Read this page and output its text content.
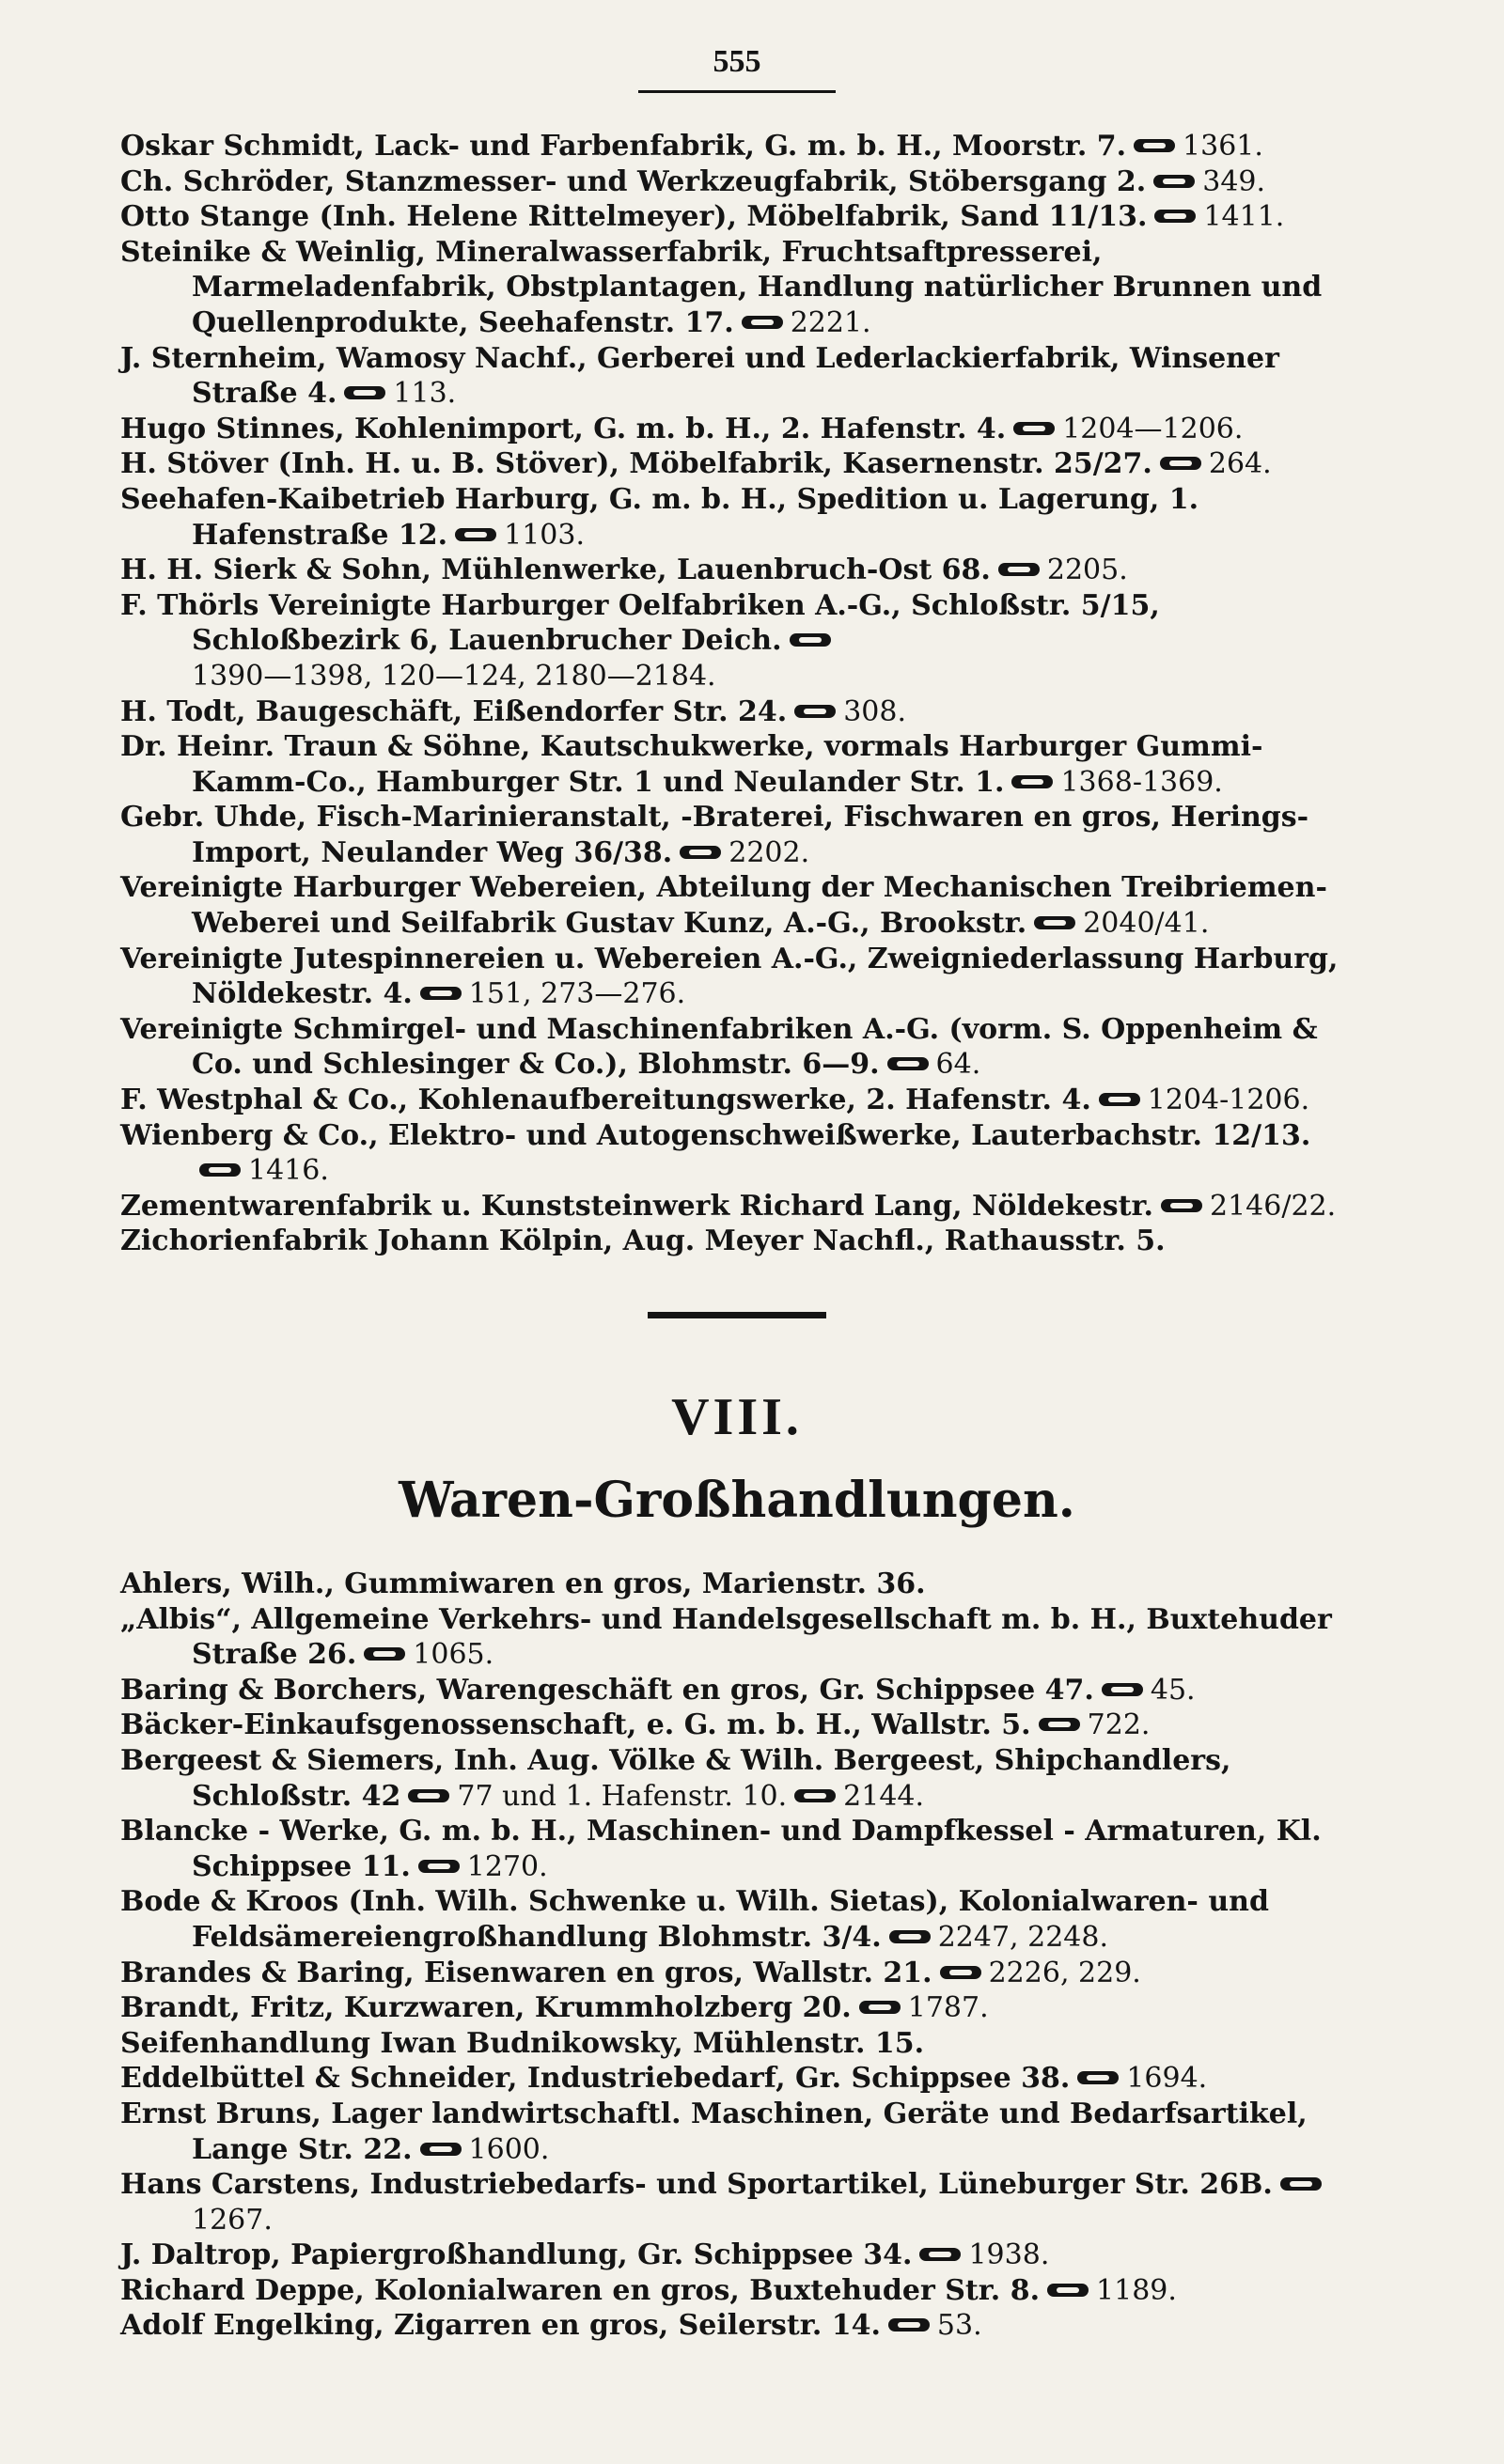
555
Oskar Schmidt, Lack- und Farbenfabrik, G. m. b. H., Moorstr. 7. 1361.
Ch. Schröder, Stanzmesser- und Werkzeugfabrik, Stöbersgang 2. 349.
Otto Stange (Inh. Helene Rittelmeyer), Möbelfabrik, Sand 11/13. 1411.
Steinike & Weinlig, Mineralwasserfabrik, Fruchtsaftpresserei, Marmeladenfabrik, Obstplantagen, Handlung natürlicher Brunnen und Quellenprodukte, Seehafenstr. 17. 2221.
J. Sternheim, Wamosy Nachf., Gerberei und Lederlackierfabrik, Winsener Straße 4. 113.
Hugo Stinnes, Kohlenimport, G. m. b. H., 2. Hafenstr. 4. 1204—1206.
H. Stöver (Inh. H. u. B. Stöver), Möbelfabrik, Kasernenstr. 25/27. 264.
Seehafen-Kaibetrieb Harburg, G. m. b. H., Spedition u. Lagerung, 1. Hafenstraße 12. 1103.
H. H. Sierk & Sohn, Mühlenwerke, Lauenbruch-Ost 68. 2205.
F. Thörls Vereinigte Harburger Oelfabriken A.-G., Schloßstr. 5/15, Schloßbezirk 6, Lauenbrucher Deich.1390—1398, 120—124, 2180—2184.
H. Todt, Baugeschäft, Eißendorfer Str. 24. 308.
Dr. Heinr. Traun & Söhne, Kautschukwerke, vormals Harburger Gummi-Kamm-Co., Hamburger Str. 1 und Neulander Str. 1. 1368-1369.
Gebr. Uhde, Fisch-Marinieranstalt, -Braterei, Fischwaren en gros, Herings-Import, Neulander Weg 36/38. 2202.
Vereinigte Harburger Webereien, Abteilung der Mechanischen Treibriemen-Weberei und Seilfabrik Gustav Kunz, A.-G., Brookstr. 2040/41.
Vereinigte Jutespinnereien u. Webereien A.-G., Zweigniederlassung Harburg, Nöldekestr. 4. 151, 273—276.
Vereinigte Schmirgel- und Maschinenfabriken A.-G. (vorm. S. Oppenheim & Co. und Schlesinger & Co.), Blohmstr. 6—9. 64.
F. Westphal & Co., Kohlenaufbereitungswerke, 2. Hafenstr. 4. 1204-1206.
Wienberg & Co., Elektro- und Autogenschweißwerke, Lauterbachstr. 12/13.1416.
Zementwarenfabrik u. Kunststeinwerk Richard Lang, Nöldekestr. 2146/22.
Zichorienfabrik Johann Kölpin, Aug. Meyer Nachfl., Rathausstr. 5.
VIII.
Waren-Großhandlungen.
Ahlers, Wilh., Gummiwaren en gros, Marienstr. 36.
„Albis“, Allgemeine Verkehrs- und Handelsgesellschaft m. b. H., Buxtehuder Straße 26. 1065.
Baring & Borchers, Warengeschäft en gros, Gr. Schippsee 47. 45.
Bäcker-Einkaufsgenossenschaft, e. G. m. b. H., Wallstr. 5. 722.
Bergeest & Siemers, Inh. Aug. Völke & Wilh. Bergeest, Shipchandlers, Schloßstr. 42 77 und 1. Hafenstr. 10. 2144.
Blancke - Werke, G. m. b. H., Maschinen- und Dampfkessel - Armaturen, Kl. Schippsee 11. 1270.
Bode & Kroos (Inh. Wilh. Schwenke u. Wilh. Sietas), Kolonialwaren- und Feldsämereiengroßhandlung Blohmstr. 3/4. 2247, 2248.
Brandes & Baring, Eisenwaren en gros, Wallstr. 21. 2226, 229.
Brandt, Fritz, Kurzwaren, Krummholzberg 20. 1787.
Seifenhandlung Iwan Budnikowsky, Mühlenstr. 15.
Eddelbüttel & Schneider, Industriebedarf, Gr. Schippsee 38. 1694.
Ernst Bruns, Lager landwirtschaftl. Maschinen, Geräte und Bedarfsartikel, Lange Str. 22. 1600.
Hans Carstens, Industriebedarfs- und Sportartikel, Lüneburger Str. 26B.1267.
J. Daltrop, Papiergroßhandlung, Gr. Schippsee 34. 1938.
Richard Deppe, Kolonialwaren en gros, Buxtehuder Str. 8. 1189.
Adolf Engelking, Zigarren en gros, Seilerstr. 14. 53.
